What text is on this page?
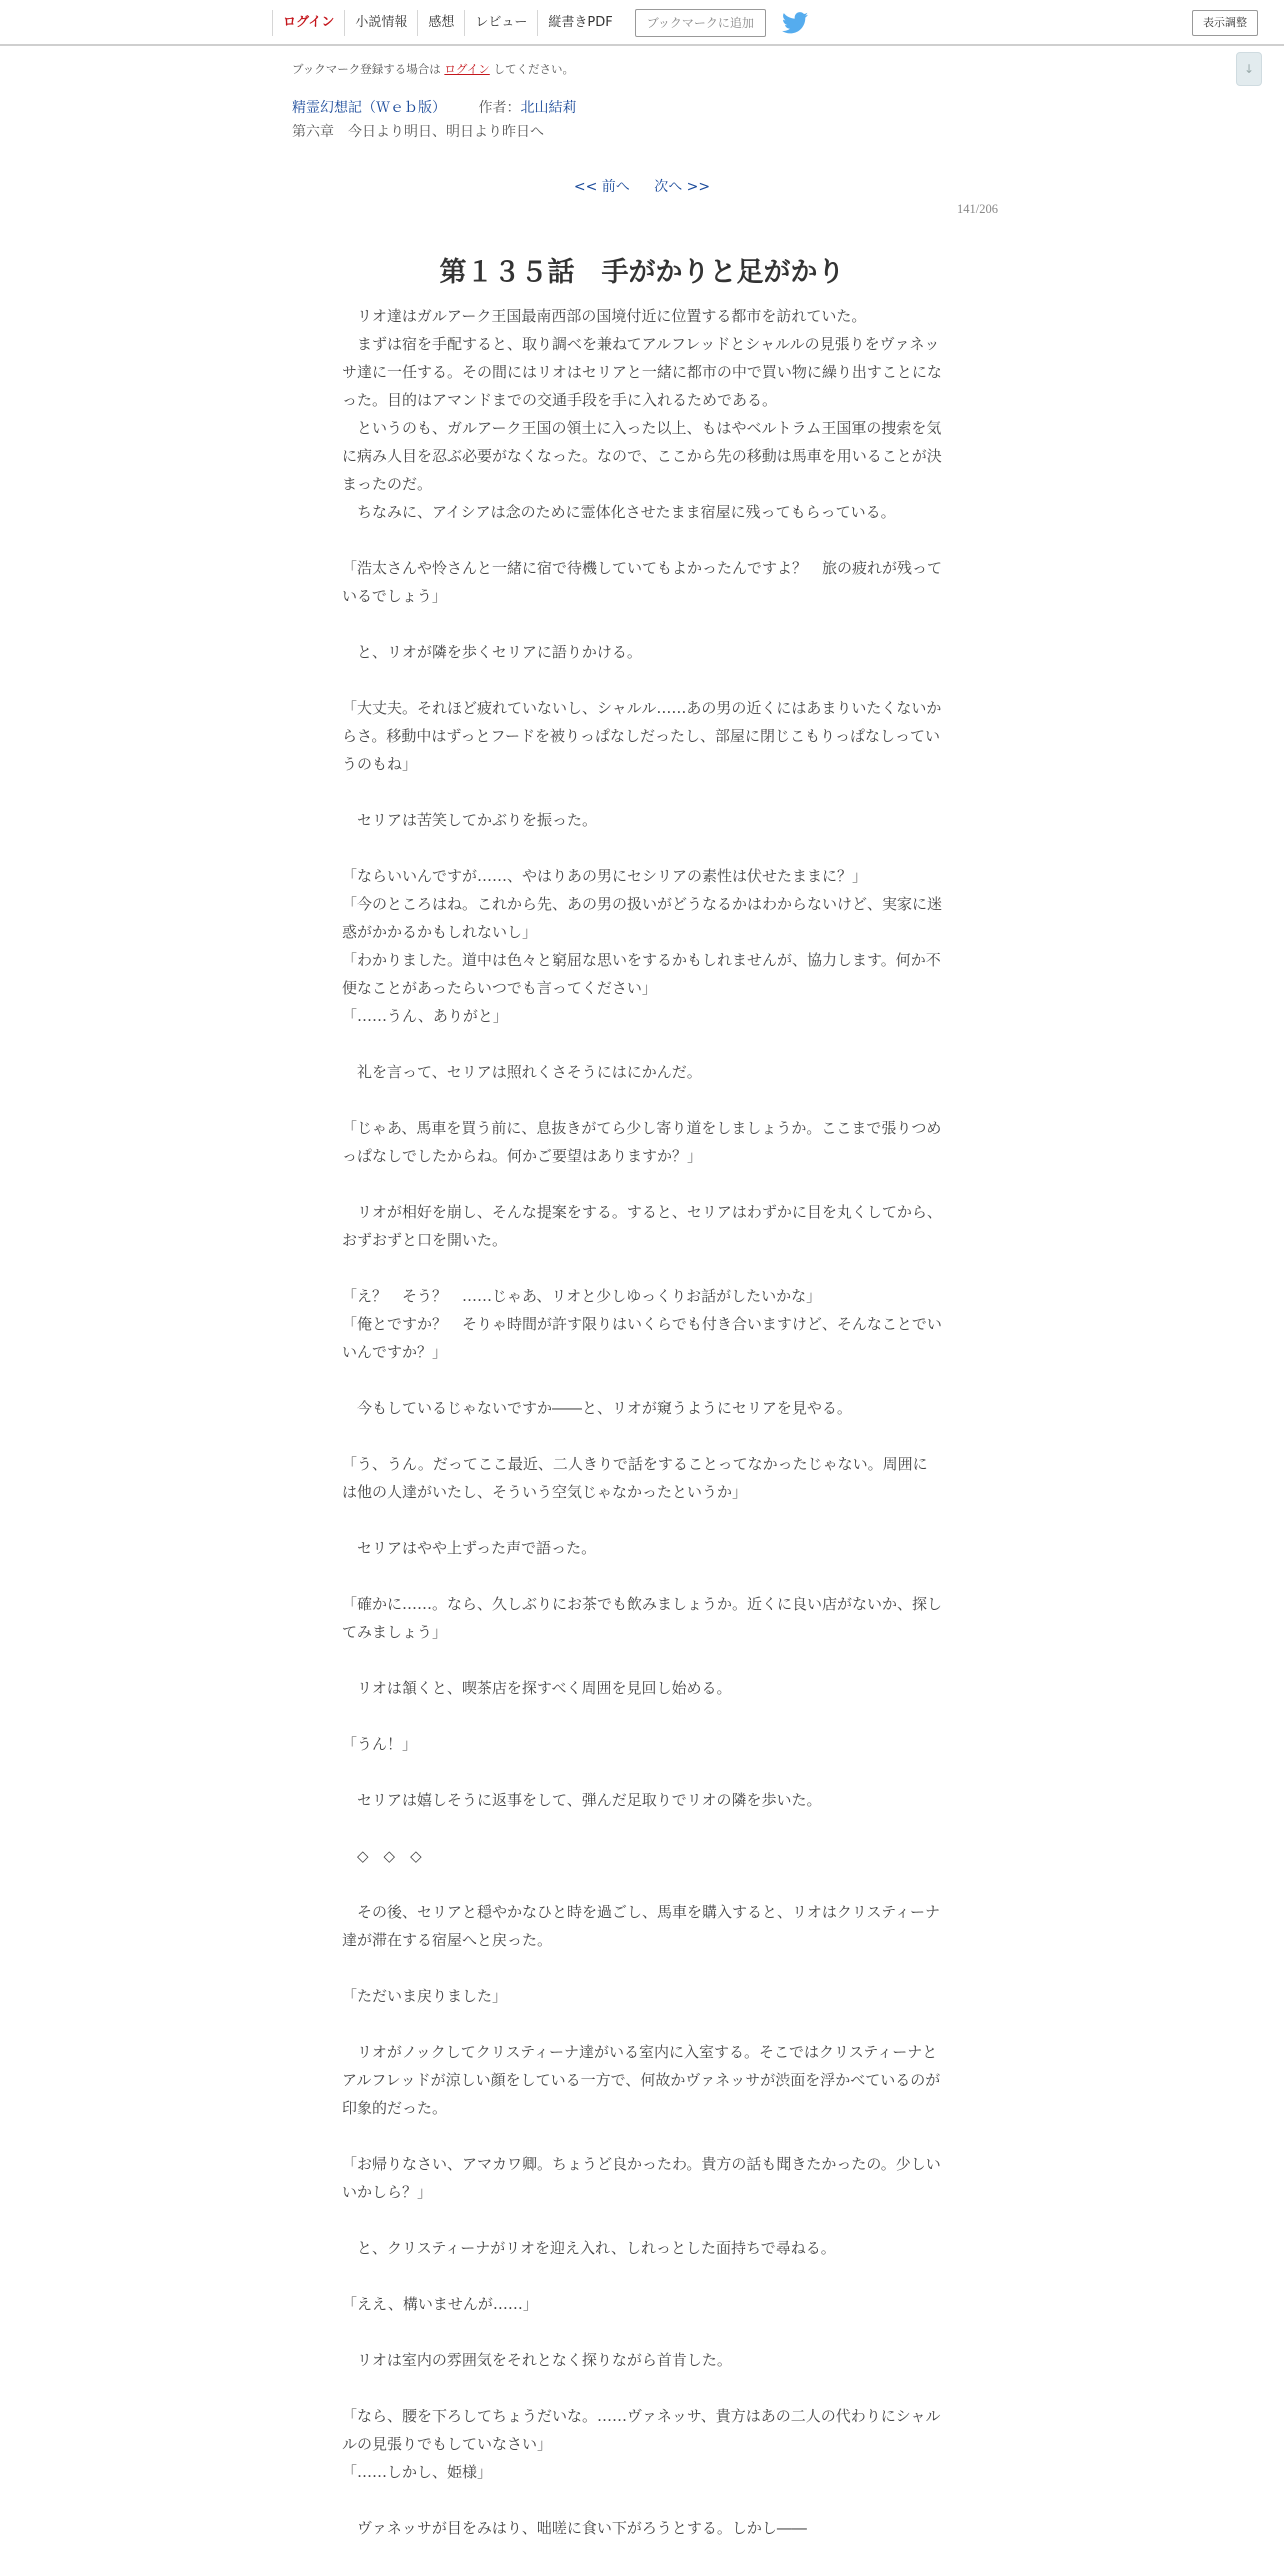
ログイン	小説情報	感想	レビュー	縦書きPDF	ブックマークに追加	表示調整
↓
ブックマーク登録する場合は ログイン してください。
精霊幻想記（Ｗｅｂ版） 作者：北山結莉
第六章　今日より明日、明日より昨日へ
<< 前へ 次へ >>
141/206
第１３５話　手がかりと足がかり

　リオ達はガルアーク王国最南西部の国境付近に位置する都市を訪れていた。

　まずは宿を手配すると、取り調べを兼ねてアルフレッドとシャルルの見張りをヴァネッサ達に一任する。その間にはリオはセリアと一緒に都市の中で買い物に繰り出すことになった。目的はアマンドまでの交通手段を手に入れるためである。

　というのも、ガルアーク王国の領土に入った以上、もはやベルトラム王国軍の捜索を気に病み人目を忍ぶ必要がなくなった。なので、ここから先の移動は馬車を用いることが決まったのだ。

　ちなみに、アイシアは念のために霊体化させたまま宿屋に残ってもらっている。

「浩太さんや怜さんと一緒に宿で待機していてもよかったんですよ？　旅の疲れが残っているでしょう」

　と、リオが隣を歩くセリアに語りかける。

「大丈夫。それほど疲れていないし、シャルル……あの男の近くにはあまりいたくないからさ。移動中はずっとフードを被りっぱなしだったし、部屋に閉じこもりっぱなしっていうのもね」

　セリアは苦笑してかぶりを振った。

「ならいいんですが……、やはりあの男にセシリアの素性は伏せたままに？」

「今のところはね。これから先、あの男の扱いがどうなるかはわからないけど、実家に迷惑がかかるかもしれないし」

「わかりました。道中は色々と窮屈な思いをするかもしれませんが、協力します。何か不便なことがあったらいつでも言ってください」

「……うん、ありがと」

　礼を言って、セリアは照れくさそうにはにかんだ。

「じゃあ、馬車を買う前に、息抜きがてら少し寄り道をしましょうか。ここまで張りつめっぱなしでしたからね。何かご要望はありますか？」

　リオが相好を崩し、そんな提案をする。すると、セリアはわずかに目を丸くしてから、おずおずと口を開いた。

「え？　そう？　……じゃあ、リオと少しゆっくりお話がしたいかな」

「俺とですか？　そりゃ時間が許す限りはいくらでも付き合いますけど、そんなことでいいんですか？」

　今もしているじゃないですか――と、リオが窺うようにセリアを見やる。

「う、うん。だってここ最近、二人きりで話をすることってなかったじゃない。周囲には他の人達がいたし、そういう空気じゃなかったというか」

　セリアはやや上ずった声で語った。

「確かに……。なら、久しぶりにお茶でも飲みましょうか。近くに良い店がないか、探してみましょう」

　リオは頷くと、喫茶店を探すべく周囲を見回し始める。

「うん！」

　セリアは嬉しそうに返事をして、弾んだ足取りでリオの隣を歩いた。

　◇　◇　◇

　その後、セリアと穏やかなひと時を過ごし、馬車を購入すると、リオはクリスティーナ達が滞在する宿屋へと戻った。

「ただいま戻りました」

　リオがノックしてクリスティーナ達がいる室内に入室する。そこではクリスティーナとアルフレッドが涼しい顔をしている一方で、何故かヴァネッサが渋面を浮かべているのが印象的だった。

「お帰りなさい、アマカワ卿。ちょうど良かったわ。貴方の話も聞きたかったの。少しいいかしら？」

　と、クリスティーナがリオを迎え入れ、しれっとした面持ちで尋ねる。

「ええ、構いませんが……」

　リオは室内の雰囲気をそれとなく探りながら首肯した。

「なら、腰を下ろしてちょうだいな。……ヴァネッサ、貴方はあの二人の代わりにシャルルの見張りでもしていなさい」

「……しかし、姫様」

　ヴァネッサが目をみはり、咄嗟に食い下がろうとする。しかし――
